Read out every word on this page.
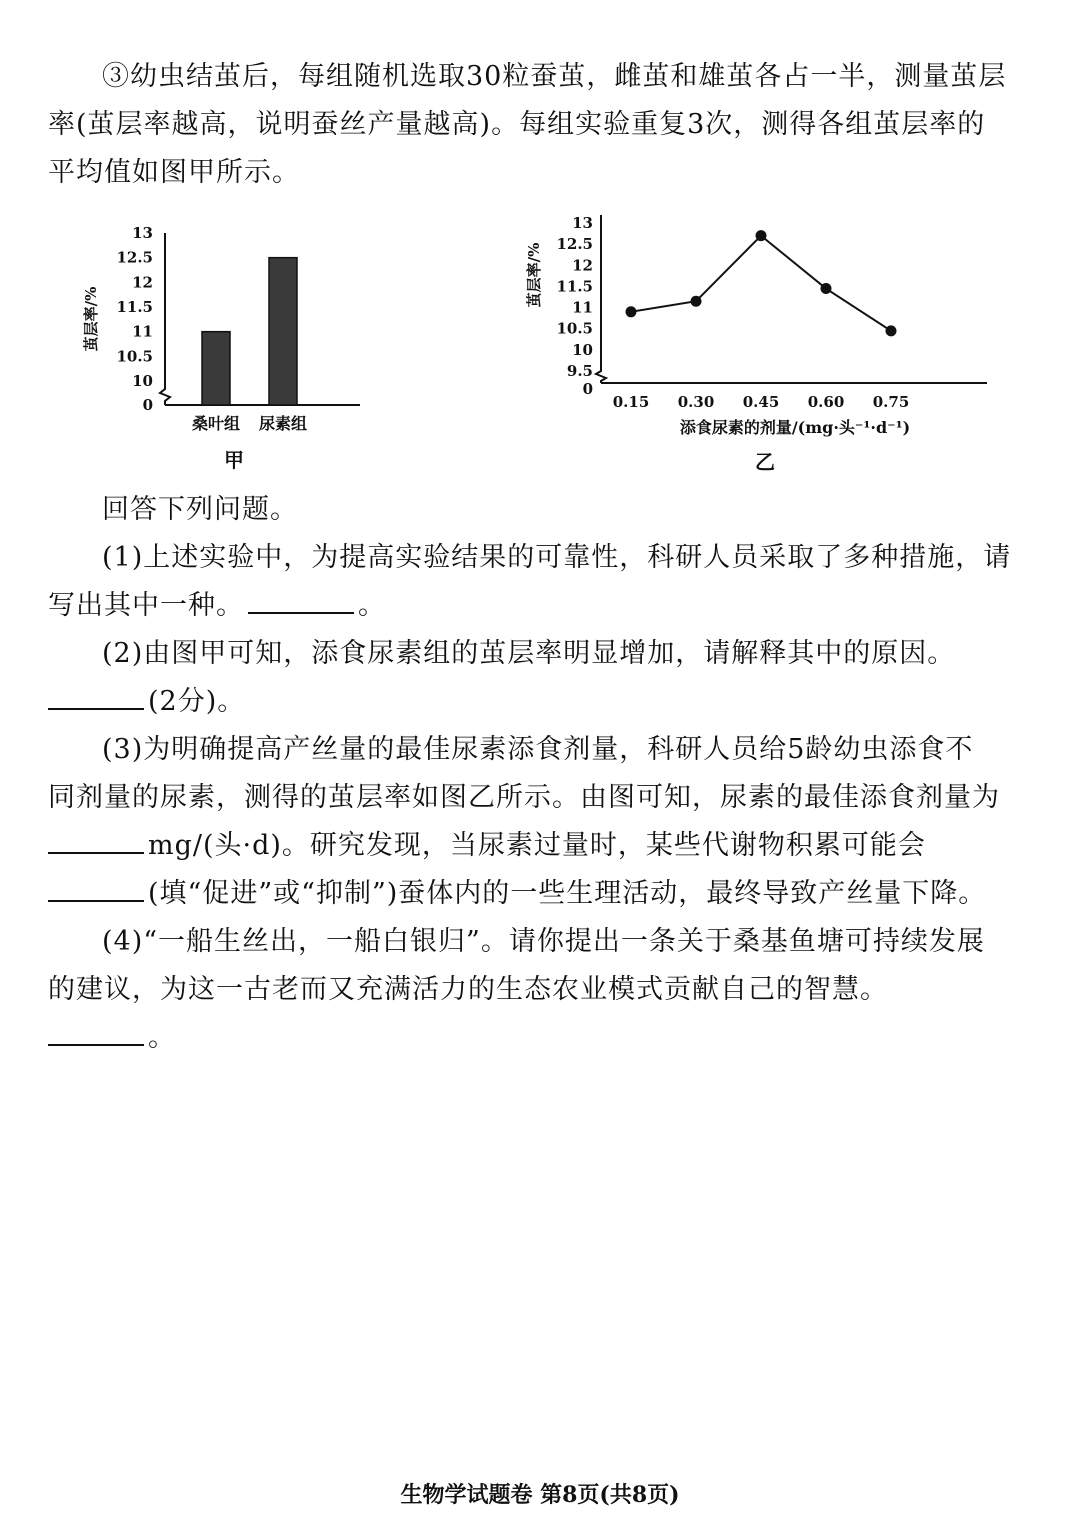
③幼虫结茧后，每组随机选取30粒蚕茧，雌茧和雄茧各占一半，测量茧层
率(茧层率越高，说明蚕丝产量越高)。每组实验重复3次，测得各组茧层率的
平均值如图甲所示。
茧层率/%
13
12.5
12
11.5
11
10.5
10
0
桑叶组 尿素组
甲
茧层率/%
13
12.5
12
11.5
11
10.5
10
9.5
0
0.15 0.30 0.45 0.60 0.75
添食尿素的剂量/(mg·头⁻¹·d⁻¹)
乙
回答下列问题。
(1)上述实验中，为提高实验结果的可靠性，科研人员采取了多种措施，请
写出其中一种。	。
(2)由图甲可知，添食尿素组的茧层率明显增加，请解释其中的原因。
(2分)。
(3)为明确提高产丝量的最佳尿素添食剂量，科研人员给5龄幼虫添食不
同剂量的尿素，测得的茧层率如图乙所示。由图可知，尿素的最佳添食剂量为
mg/(头·d)。研究发现，当尿素过量时，某些代谢物积累可能会
(填“促进”或“抑制”)蚕体内的一些生理活动，最终导致产丝量下降。
(4)“一船生丝出，一船白银归”。请你提出一条关于桑基鱼塘可持续发展
的建议，为这一古老而又充满活力的生态农业模式贡献自己的智慧。
。
生物学试题卷 第8页(共8页)
